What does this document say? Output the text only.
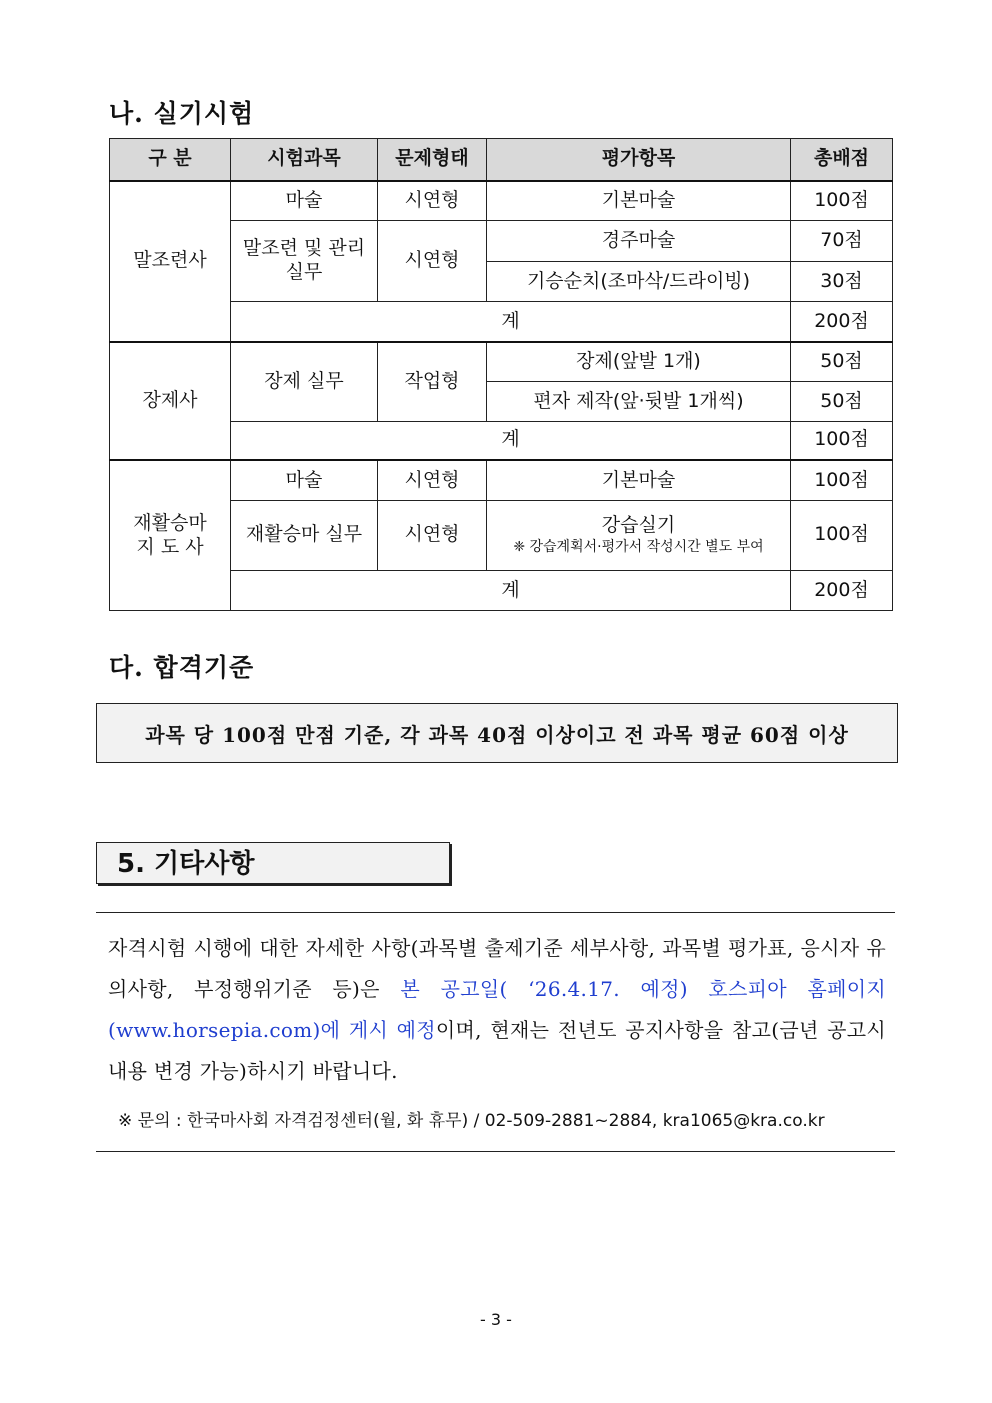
나. 실기시험
구 분	시험과목	문제형태	평가항목	총배점
말조련사	마술	시연형	기본마술	100점
	말조련 및 관리 실무	시연형	경주마술	70점
			기승순치(조마삭/드라이빙)	30점
	계			200점
장제사	장제 실무	작업형	장제(앞발 1개)	50점
			편자 제작(앞·뒷발 1개씩)	50점
	계			100점
재활승마
지 도 사	마술	시연형	기본마술	100점
	재활승마 실무	시연형	강습실기
❈ 강습계획서·평가서 작성시간 별도 부여	100점
	계			200점
다. 합격기준
과목 당 100점 만점 기준, 각 과목 40점 이상이고 전 과목 평균 60점 이상
5. 기타사항
자격시험 시행에 대한 자세한 사항(과목별 출제기준 세부사항, 과목별 평가표, 응시자 유의사항, 부정행위기준 등)은 본 공고일( ‘26.4.17. 예정) 호스피아 홈페이지(www.horsepia.com)에 게시 예정이며, 현재는 전년도 공지사항을 참고(금년 공고시 내용 변경 가능)하시기 바랍니다.
※ 문의 : 한국마사회 자격검정센터(월, 화 휴무) / 02-509-2881~2884, kra1065@kra.co.kr
- 3 -
